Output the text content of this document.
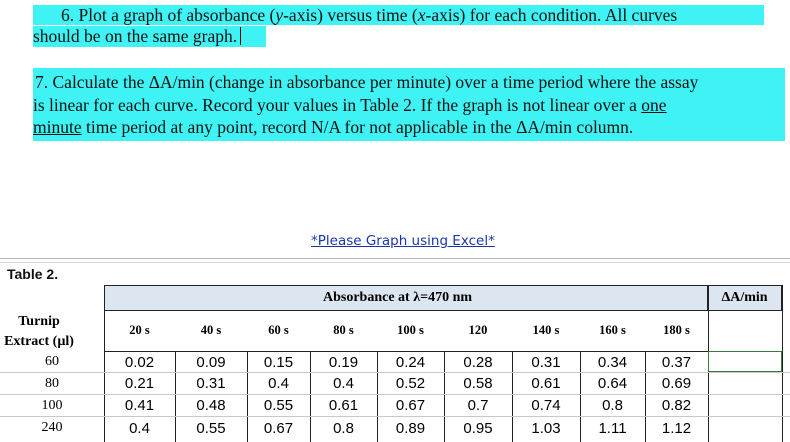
6. Plot a graph of absorbance (y-axis) versus time (x-axis) for each condition. All curves
should be on the same graph.
7. Calculate the ΔA/min (change in absorbance per minute) over a time period where the assay
is linear for each curve. Record your values in Table 2. If the graph is not linear over a one
minute time period at any point, record N/A for not applicable in the ΔA/min column.
*Please Graph using Excel*
Table 2.
Absorbance at λ=470 nm	ΔA/min
Turnip
Extract (µl)
20 s	40 s	60 s	80 s	100 s	120	140 s	160 s	180 s
60	0.02	0.09	0.15	0.19	0.24	0.28	0.31	0.34	0.37
80	0.21	0.31	0.4	0.4	0.52	0.58	0.61	0.64	0.69
100	0.41	0.48	0.55	0.61	0.67	0.7	0.74	0.8	0.82
240	0.4	0.55	0.67	0.8	0.89	0.95	1.03	1.11	1.12
